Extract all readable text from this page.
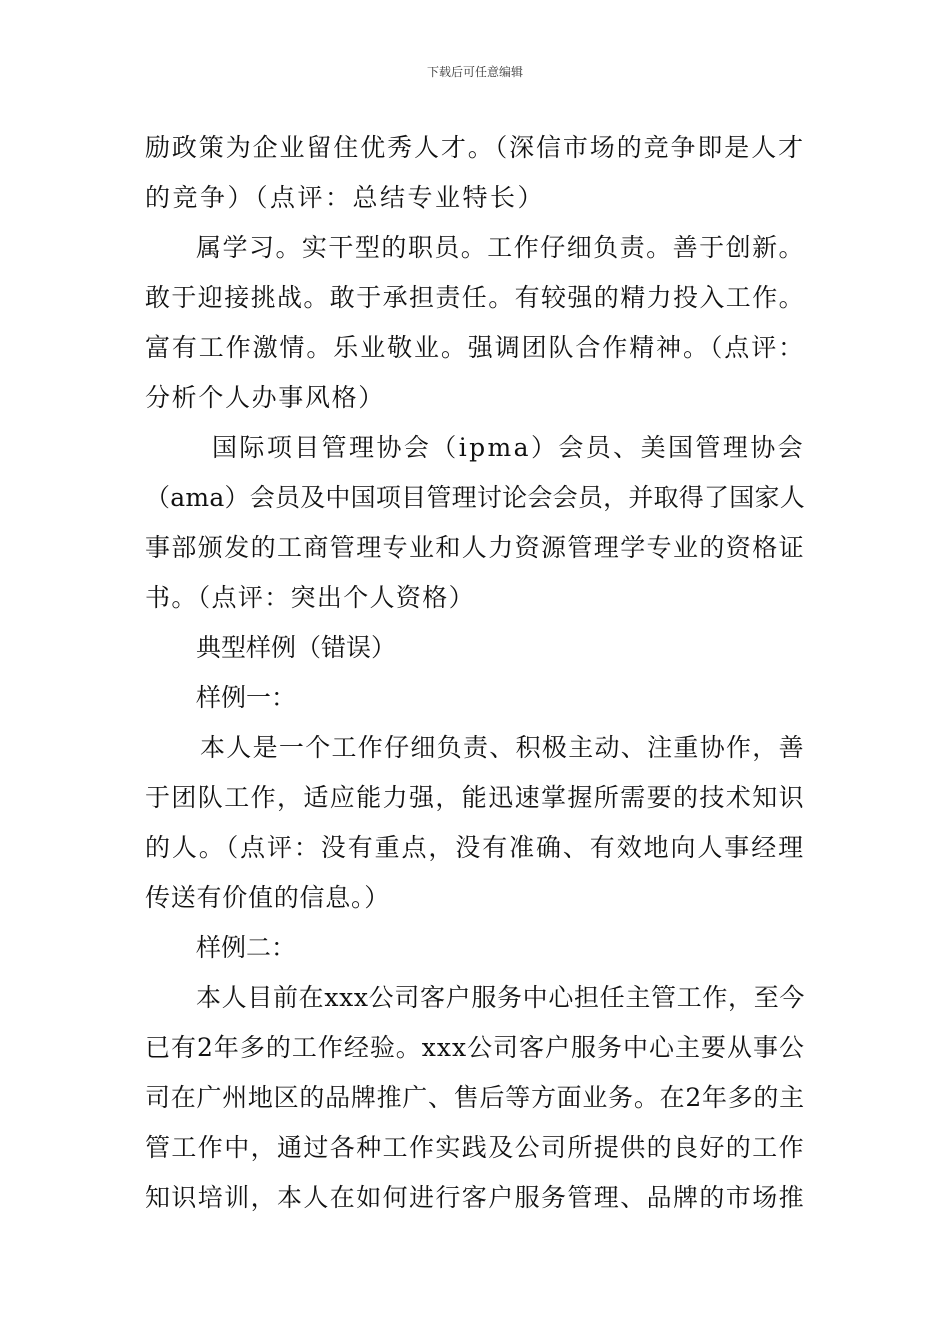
下载后可任意编辑
励政策为企业留住优秀人才。（深信市场的竞争即是人才
的竞争）（点评：总结专业特长）
属学习。实干型的职员。工作仔细负责。善于创新。
敢于迎接挑战。敢于承担责任。有较强的精力投入工作。
富有工作激情。乐业敬业。强调团队合作精神。（点评：
分析个人办事风格）
国际项目管理协会（ipma）会员、美国管理协会
（ama）会员及中国项目管理讨论会会员，并取得了国家人
事部颁发的工商管理专业和人力资源管理学专业的资格证
书。（点评：突出个人资格）
典型样例（错误）
样例一：
本人是一个工作仔细负责、积极主动、注重协作，善
于团队工作，适应能力强，能迅速掌握所需要的技术知识
的人。（点评：没有重点，没有准确、有效地向人事经理
传送有价值的信息。）
样例二：
本人目前在xxx公司客户服务中心担任主管工作，至今
已有2年多的工作经验。xxx公司客户服务中心主要从事公
司在广州地区的品牌推广、售后等方面业务。在2年多的主
管工作中，通过各种工作实践及公司所提供的良好的工作
知识培训，本人在如何进行客户服务管理、品牌的市场推
